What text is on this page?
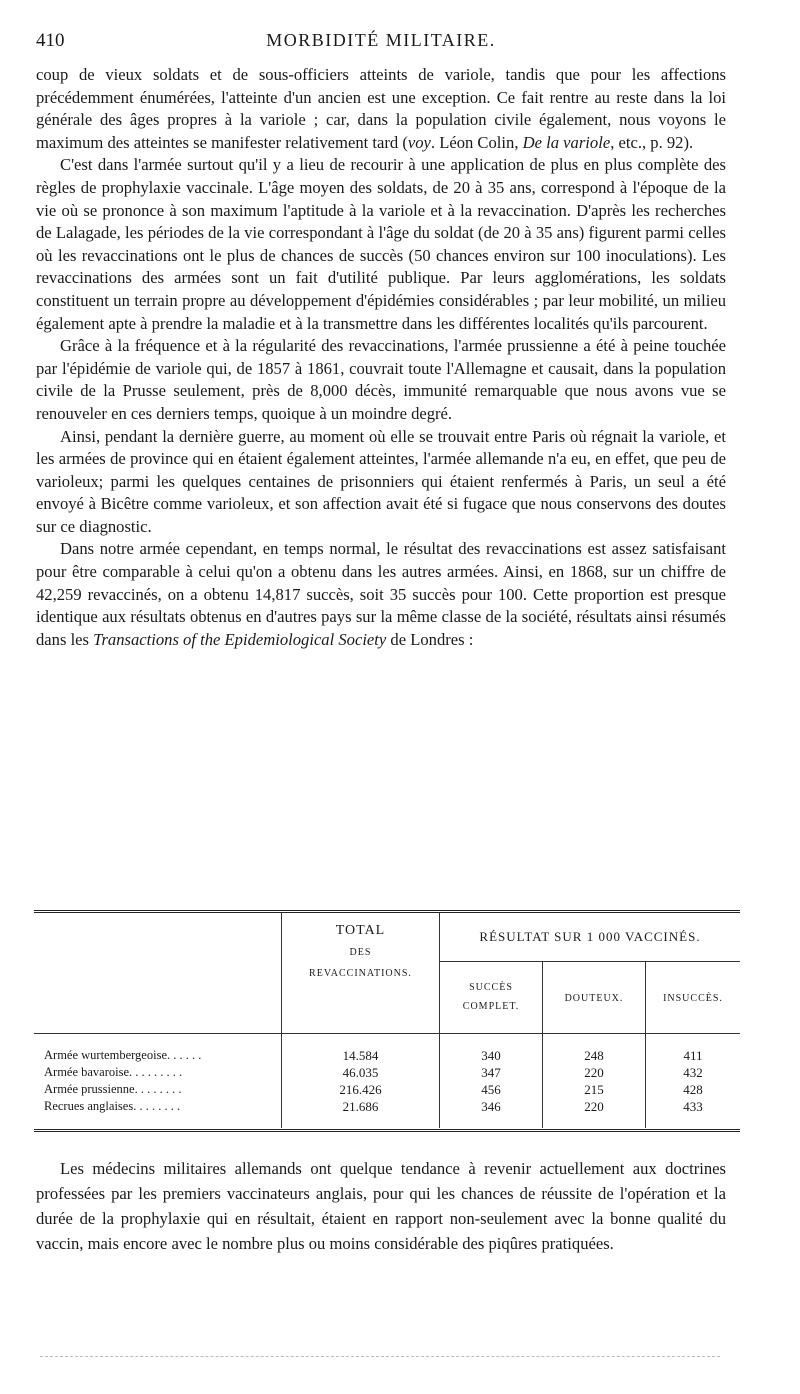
410	MORBIDITÉ MILITAIRE.

coup de vieux soldats et de sous-officiers atteints de variole, tandis que pour les affections précédemment énumérées, l'atteinte d'un ancien est une exception. Ce fait rentre au reste dans la loi générale des âges propres à la variole ; car, dans la population civile également, nous voyons le maximum des atteintes se manifester relativement tard (voy. Léon Colin, De la variole, etc., p. 92).

C'est dans l'armée surtout qu'il y a lieu de recourir à une application de plus en plus complète des règles de prophylaxie vaccinale. L'âge moyen des soldats, de 20 à 35 ans, correspond à l'époque de la vie où se prononce à son maximum l'aptitude à la variole et à la revaccination. D'après les recherches de Lalagade, les périodes de la vie correspondant à l'âge du soldat (de 20 à 35 ans) figurent parmi celles où les revaccinations ont le plus de chances de succès (50 chances environ sur 100 inoculations). Les revaccinations des armées sont un fait d'utilité publique. Par leurs agglomérations, les soldats constituent un terrain propre au développement d'épidémies considérables ; par leur mobilité, un milieu également apte à prendre la maladie et à la transmettre dans les différentes localités qu'ils parcourent.

Grâce à la fréquence et à la régularité des revaccinations, l'armée prussienne a été à peine touchée par l'épidémie de variole qui, de 1857 à 1861, couvrait toute l'Allemagne et causait, dans la population civile de la Prusse seulement, près de 8,000 décès, immunité remarquable que nous avons vue se renouveler en ces derniers temps, quoique à un moindre degré.

Ainsi, pendant la dernière guerre, au moment où elle se trouvait entre Paris où régnait la variole, et les armées de province qui en étaient également atteintes, l'armée allemande n'a eu, en effet, que peu de varioleux; parmi les quelques centaines de prisonniers qui étaient renfermés à Paris, un seul a été envoyé à Bicêtre comme varioleux, et son affection avait été si fugace que nous conservons des doutes sur ce diagnostic.

Dans notre armée cependant, en temps normal, le résultat des revaccinations est assez satisfaisant pour être comparable à celui qu'on a obtenu dans les autres armées. Ainsi, en 1868, sur un chiffre de 42,259 revaccinés, on a obtenu 14,817 succès, soit 35 succès pour 100. Cette proportion est presque identique aux résultats obtenus en d'autres pays sur la même classe de la société, résultats ainsi résumés dans les Transactions of the Epidemiological Society de Londres :

	TOTAL
DES
REVACCINATIONS.	RÉSULTAT SUR 1 000 VACCINÉS.		

		SUCCÈS
COMPLET.	DOUTEUX.	INSUCCÈS.
Armée wurtembergeoise. . . . . .	14.584	340	248	411
Armée bavaroise. . . . . . . . .	46.035	347	220	432
Armée prussienne. . . . . . . .	216.426	456	215	428
Recrues anglaises. . . . . . . .	21.686	346	220	433

Les médecins militaires allemands ont quelque tendance à revenir actuellement aux doctrines professées par les premiers vaccinateurs anglais, pour qui les chances de réussite de l'opération et la durée de la prophylaxie qui en résultait, étaient en rapport non-seulement avec la bonne qualité du vaccin, mais encore avec le nombre plus ou moins considérable des piqûres pratiquées.
